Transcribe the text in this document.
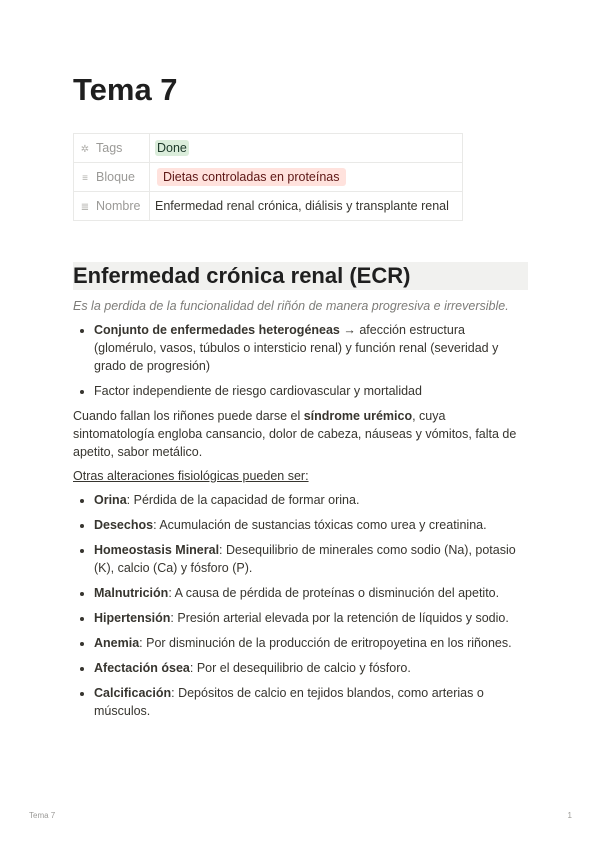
Tema 7
✲ Tags	Done
≡ Bloque	Dietas controladas en proteínas
≣ Nombre	Enfermedad renal crónica, diálisis y transplante renal
Enfermedad crónica renal (ECR)

Es la perdida de la funcionalidad del riñón de manera progresiva e irreversible.

• Conjunto de enfermedades heterogéneas → afección estructura (glomérulo, vasos, túbulos o intersticio renal) y función renal (severidad y grado de progresión)
• Factor independiente de riesgo cardiovascular y mortalidad

Cuando fallan los riñones puede darse el síndrome urémico, cuya sintomatología engloba cansancio, dolor de cabeza, náuseas y vómitos, falta de apetito, sabor metálico.

Otras alteraciones fisiológicas pueden ser:

• Orina: Pérdida de la capacidad de formar orina.
• Desechos: Acumulación de sustancias tóxicas como urea y creatinina.
• Homeostasis Mineral: Desequilibrio de minerales como sodio (Na), potasio (K), calcio (Ca) y fósforo (P).
• Malnutrición: A causa de pérdida de proteínas o disminución del apetito.
• Hipertensión: Presión arterial elevada por la retención de líquidos y sodio.
• Anemia: Por disminución de la producción de eritropoyetina en los riñones.
• Afectación ósea: Por el desequilibrio de calcio y fósforo.
• Calcificación: Depósitos de calcio en tejidos blandos, como arterias o músculos.
Tema 7	1
